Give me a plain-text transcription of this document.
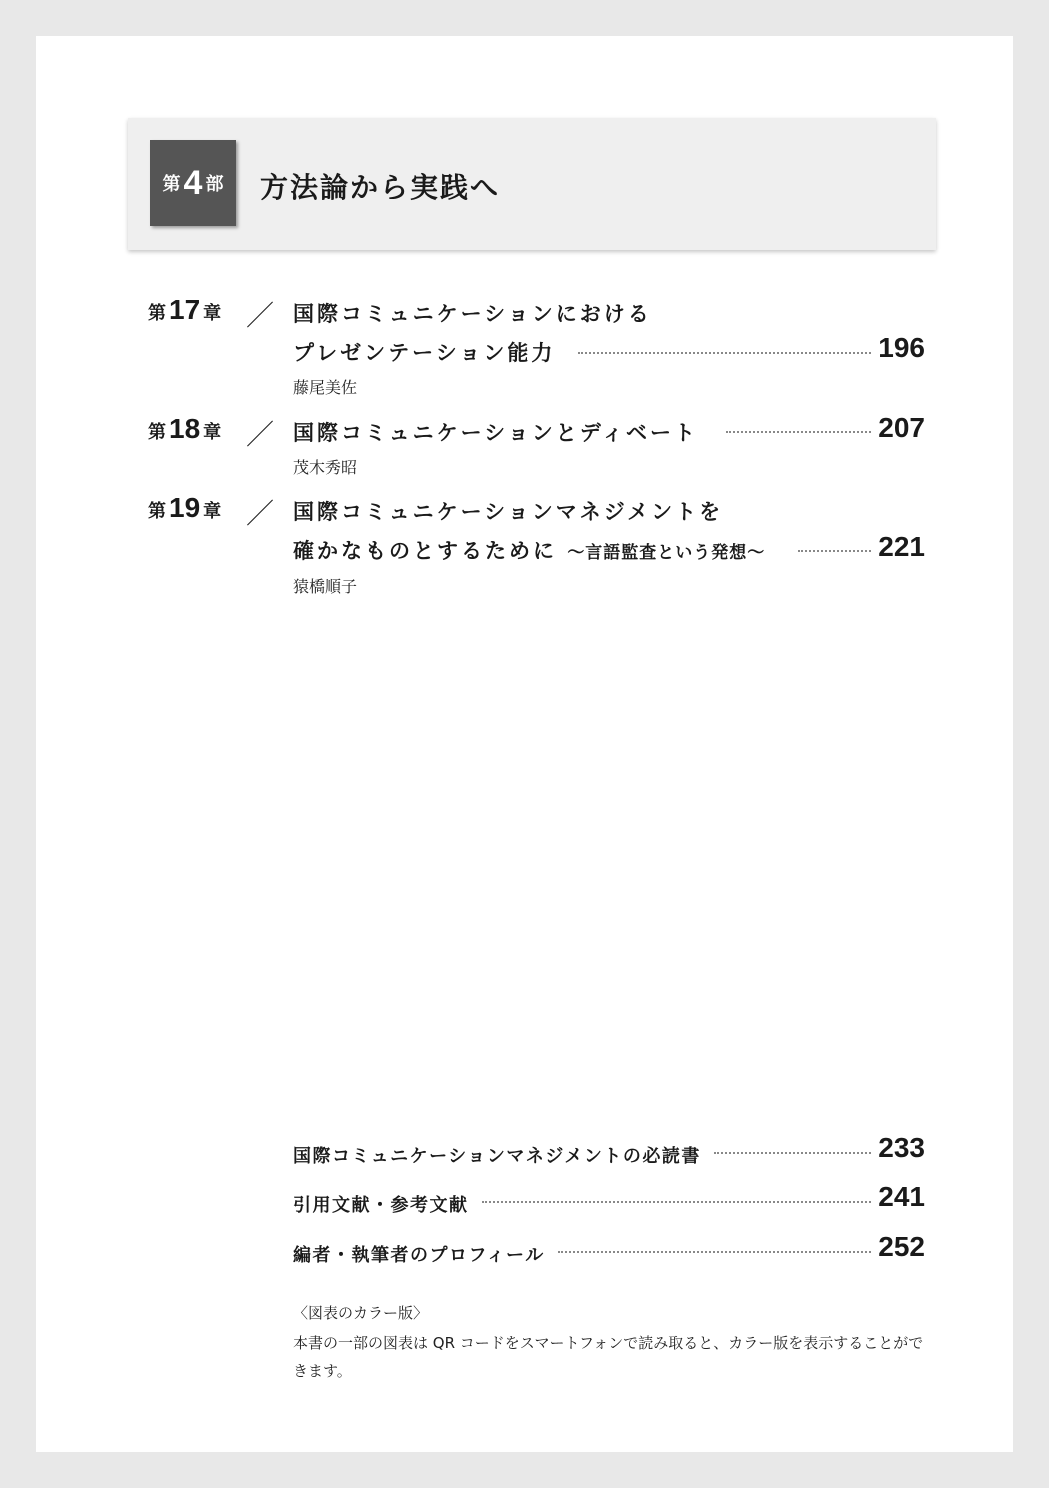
第 4 部 方法論から実践へ
第 17 章 ／ 国際コミュニケーションにおける
プレゼンテーション能力	196
藤尾美佐
第 18 章 ／ 国際コミュニケーションとディベート	207
茂木秀昭
第 19 章 ／ 国際コミュニケーションマネジメントを
確かなものとするために ～言語監査という発想～	221
猿橋順子
国際コミュニケーションマネジメントの必読書	233
引用文献・参考文献	241
編者・執筆者のプロフィール	252
〈図表のカラー版〉
本書の一部の図表は QR コードをスマートフォンで読み取ると、カラー版を表示することができます。
